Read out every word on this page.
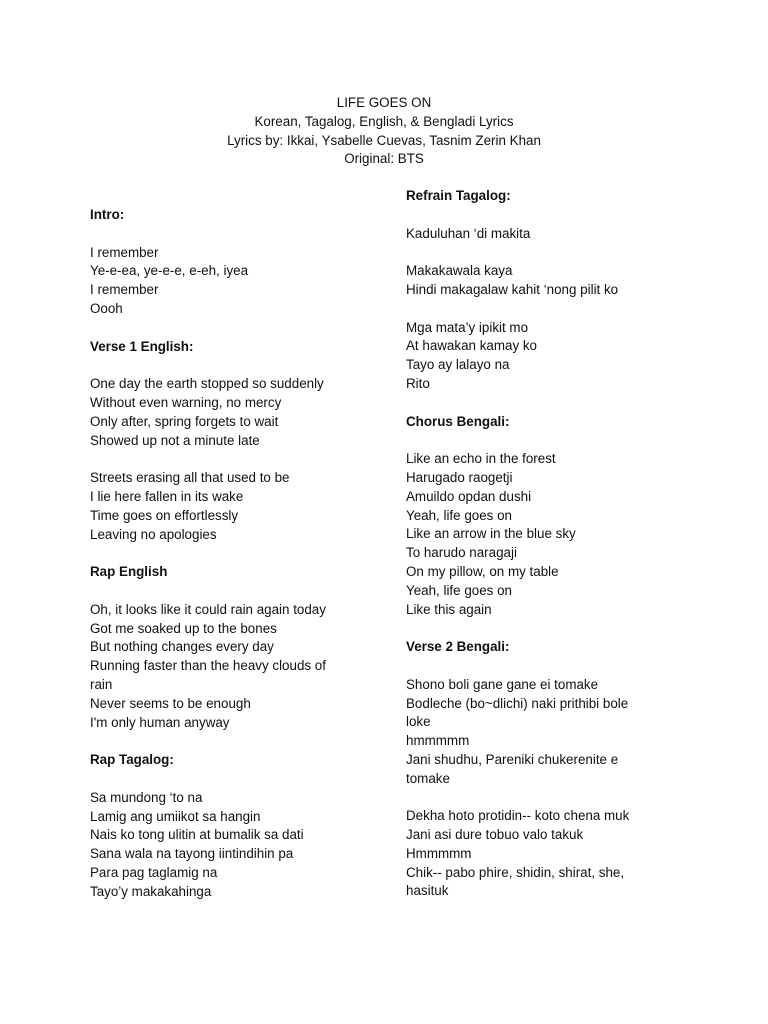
LIFE GOES ON
Korean, Tagalog, English, & Bengladi Lyrics
Lyrics by: Ikkai, Ysabelle Cuevas, Tasnim Zerin Khan
Original: BTS
Intro:
I remember
Ye-e-ea, ye-e-e, e-eh, iyea
I remember
Oooh
Verse 1 English:
One day the earth stopped so suddenly
Without even warning, no mercy
Only after, spring forgets to wait
Showed up not a minute late
Streets erasing all that used to be
I lie here fallen in its wake
Time goes on effortlessly
Leaving no apologies
Rap English
Oh, it looks like it could rain again today
Got me soaked up to the bones
But nothing changes every day
Running faster than the heavy clouds of
rain
Never seems to be enough
I'm only human anyway
Rap Tagalog:
Sa mundong ‘to na
Lamig ang umiikot sa hangin
Nais ko tong ulitin at bumalik sa dati
Sana wala na tayong iintindihin pa
Para pag taglamig na
Tayo’y makakahinga
Refrain Tagalog:
Kaduluhan ‘di makita
Makakawala kaya
Hindi makagalaw kahit ‘nong pilit ko
Mga mata’y ipikit mo
At hawakan kamay ko
Tayo ay lalayo na
Rito
Chorus Bengali:
Like an echo in the forest
Harugado raogetji
Amuildo opdan dushi
Yeah, life goes on
Like an arrow in the blue sky
To harudo naragaji
On my pillow, on my table
Yeah, life goes on
Like this again
Verse 2 Bengali:
Shono boli gane gane ei tomake
Bodleche (bo~dlichi) naki prithibi bole
loke
hmmmmm
Jani shudhu, Pareniki chukerenite e
tomake
Dekha hoto protidin-- koto chena muk
Jani asi dure tobuo valo takuk
Hmmmmm
Chik-- pabo phire, shidin, shirat, she,
hasituk
